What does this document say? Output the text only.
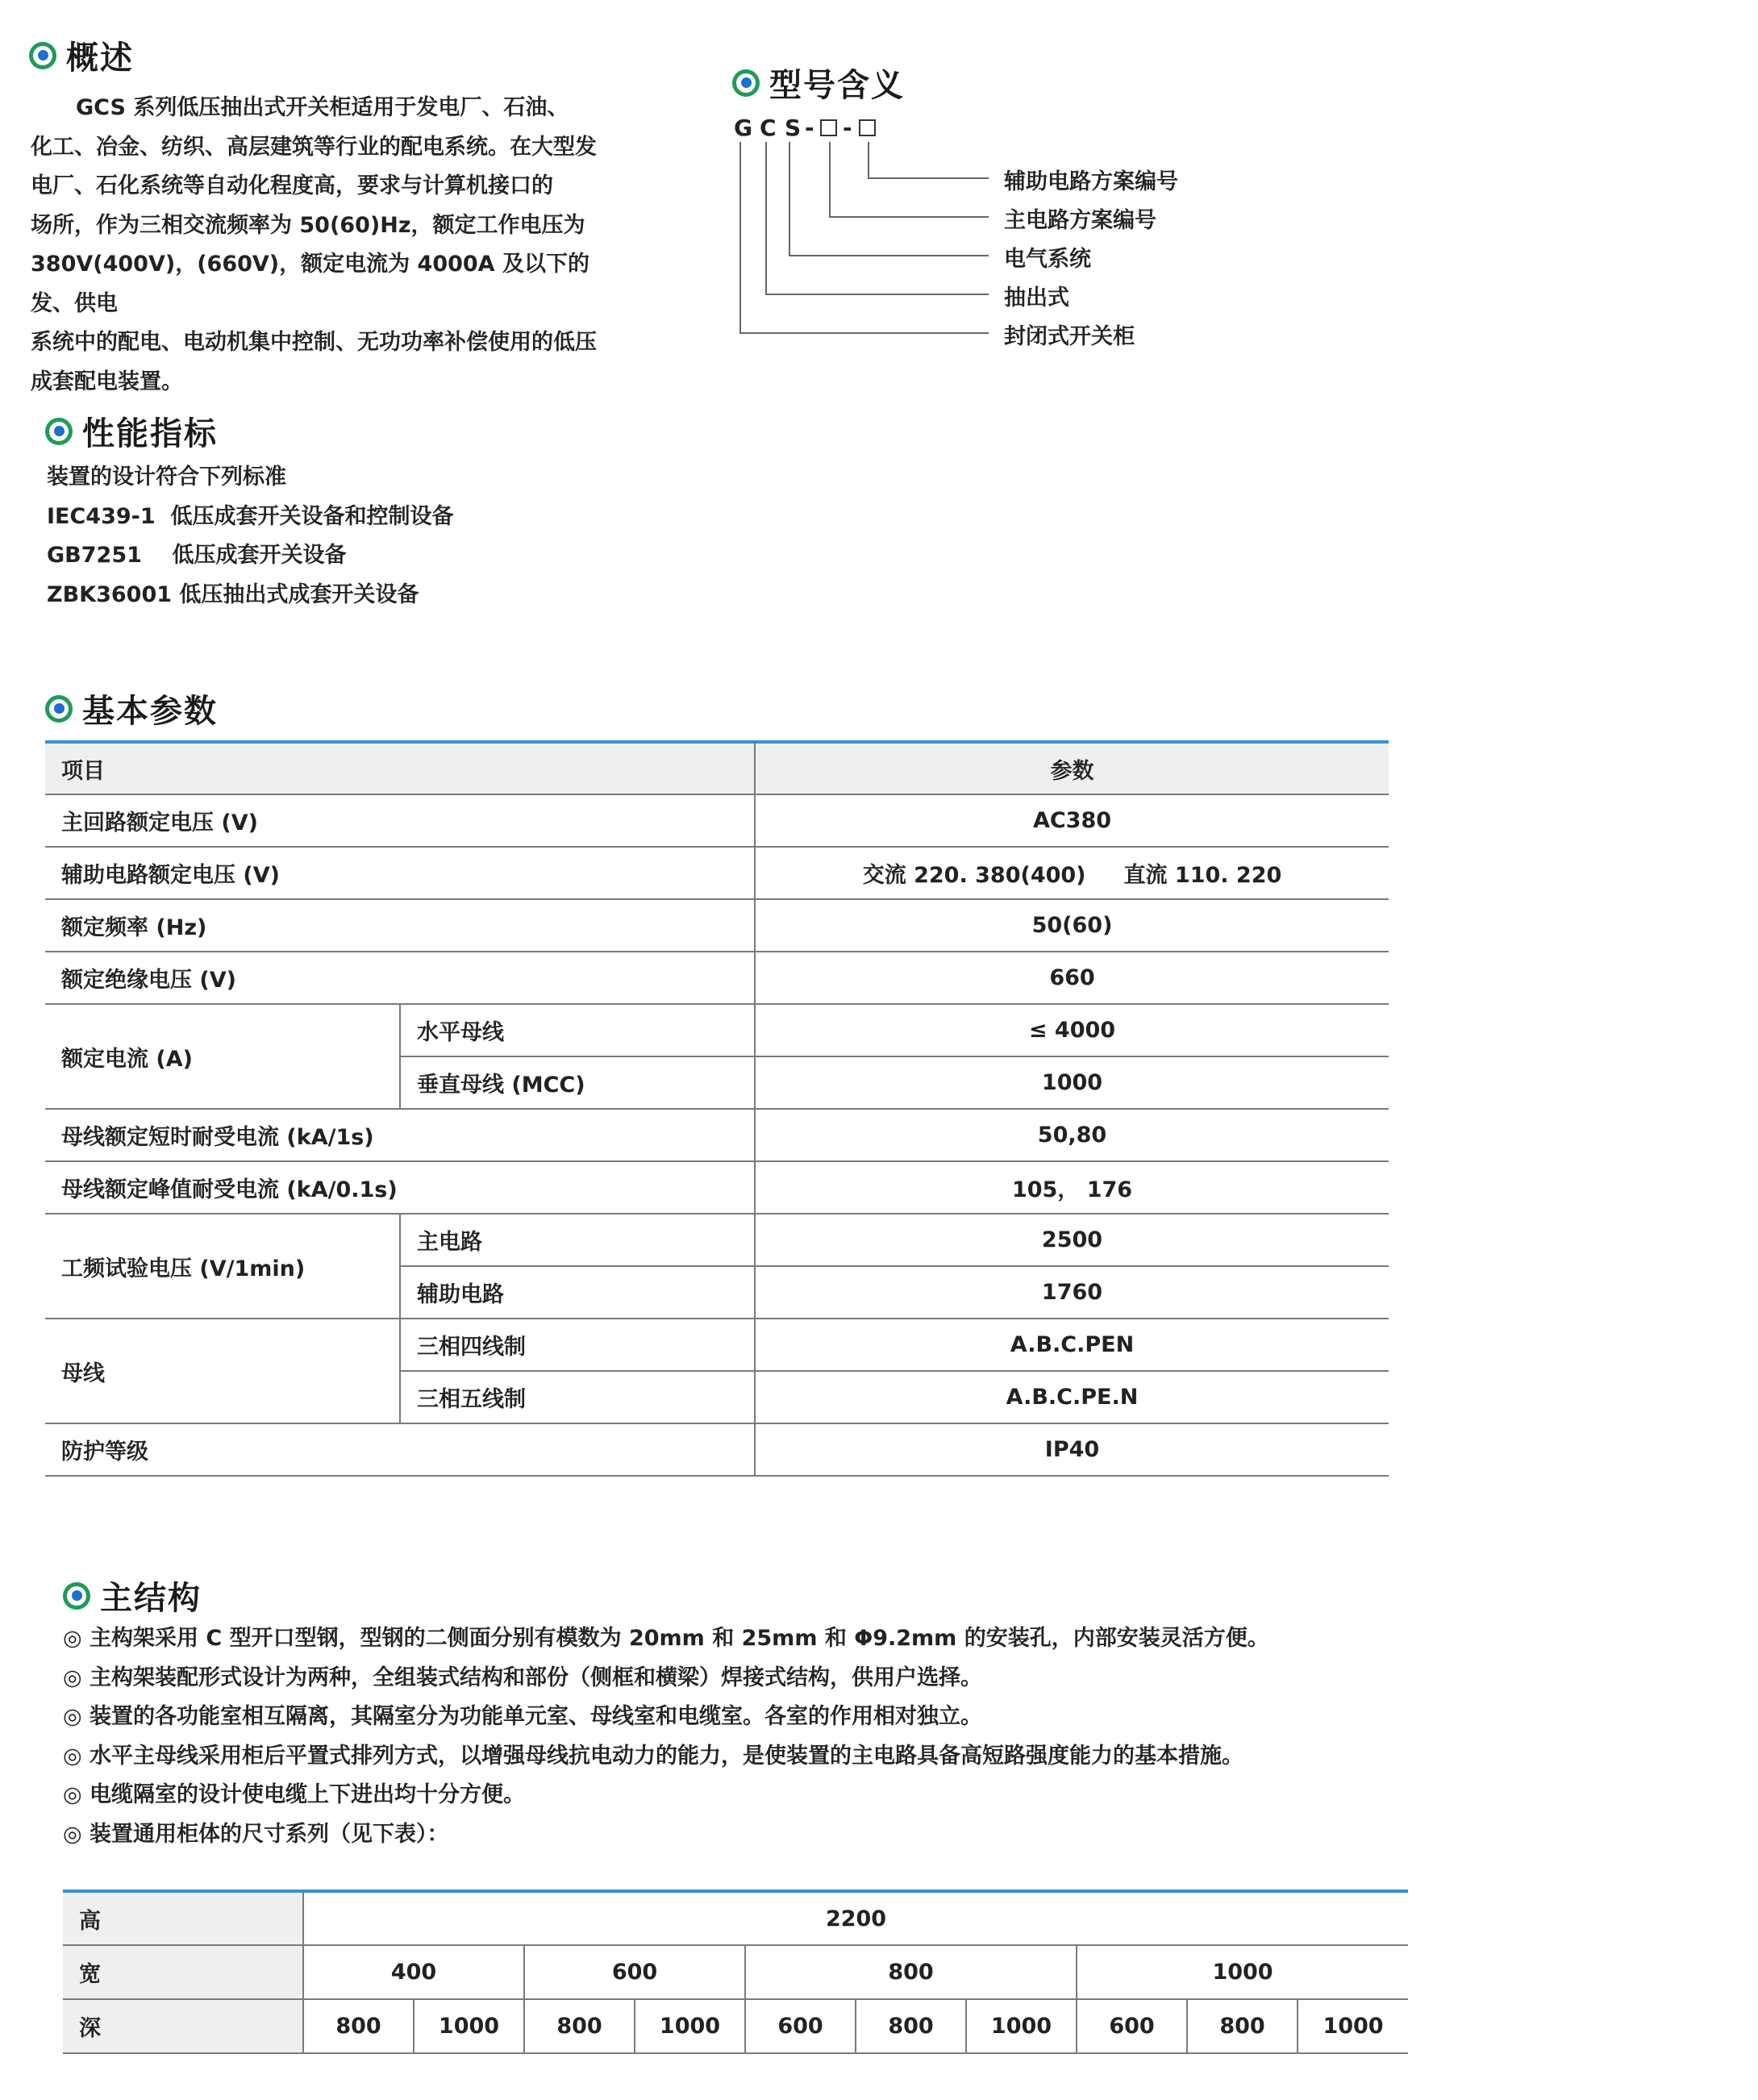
概述

GCS 系列低压抽出式开关柜适用于发电厂、石油、

化工、冶金、纺织、高层建筑等行业的配电系统。在大型发

电厂、石化系统等自动化程度高，要求与计算机接口的

场所，作为三相交流频率为 50(60)Hz，额定工作电压为

380V(400V)，(660V)，额定电流为 4000A 及以下的发、供电

系统中的配电、电动机集中控制、无功功率补偿使用的低压

成套配电装置。

型号含义
G C S - -
辅助电路方案编号
主电路方案编号
电气系统
抽出式
封闭式开关柜
性能指标
装置的设计符合下列标准
IEC439-1  低压成套开关设备和控制设备
GB7251    低压成套开关设备
ZBK36001 低压抽出式成套开关设备
基本参数
项目		参数
主回路额定电压 (V)		AC380
辅助电路额定电压 (V)		交流 220. 380(400)     直流 110. 220
额定频率 (Hz)		50(60)
额定绝缘电压 (V)		660
额定电流 (A)	水平母线	≤ 4000
	垂直母线 (MCC)	1000
母线额定短时耐受电流 (kA/1s)		50,80
母线额定峰值耐受电流 (kA/0.1s)		105， 176
工频试验电压 (V/1min)	主电路	2500
	辅助电路	1760
母线	三相四线制	A.B.C.PEN
	三相五线制	A.B.C.PE.N
防护等级		IP40
主结构
◎ 主构架采用 C 型开口型钢，型钢的二侧面分别有模数为 20mm 和 25mm 和 Φ9.2mm 的安装孔，内部安装灵活方便。
◎ 主构架装配形式设计为两种，全组装式结构和部份（侧框和横梁）焊接式结构，供用户选择。
◎ 装置的各功能室相互隔离，其隔室分为功能单元室、母线室和电缆室。各室的作用相对独立。
◎ 水平主母线采用柜后平置式排列方式，以增强母线抗电动力的能力，是使装置的主电路具备高短路强度能力的基本措施。
◎ 电缆隔室的设计使电缆上下进出均十分方便。
◎ 装置通用柜体的尺寸系列（见下表）：
高	2200									
宽	400		600		800			1000		
深	800	1000	800	1000	600	800	1000	600	800	1000
